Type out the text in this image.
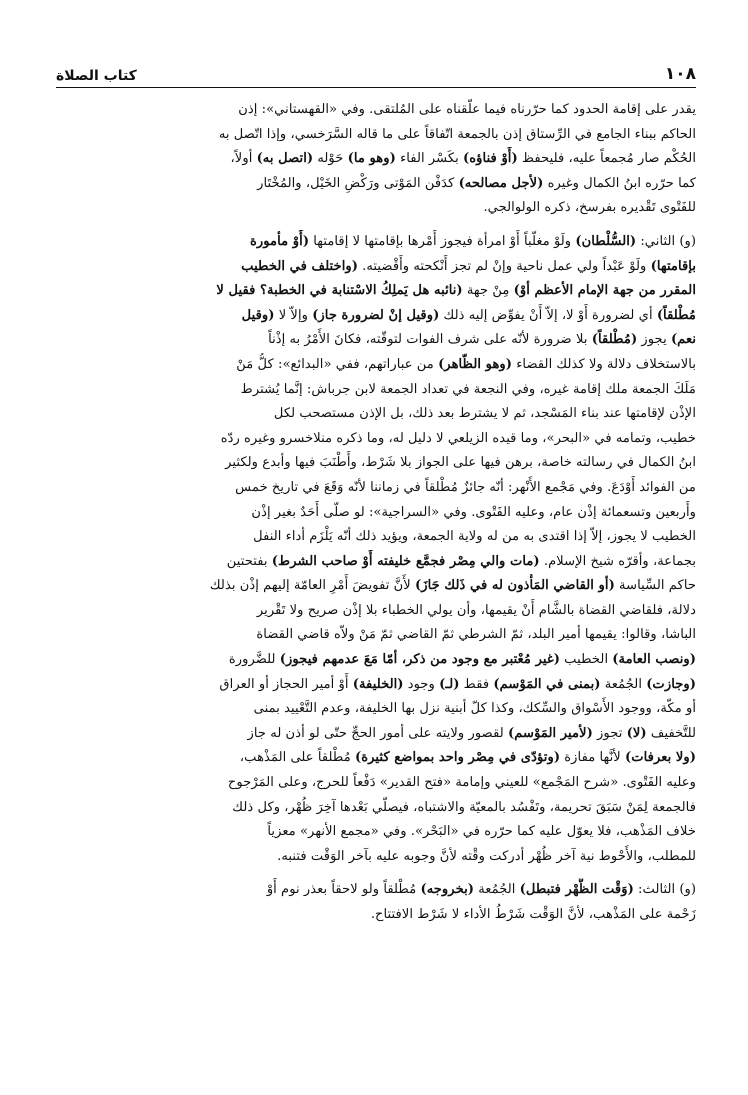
١٠٨
كتاب الصلاة

يقدر على إقامة الحدود كما حرّرناه فيما علّقناه على المُلتقى. وفي «القهستاني»: إذن
الحاكم ببناء الجامع في الرِّستاق إذن بالجمعة اتّفاقاً على ما قاله السَّرَخسي، وإذا اتّصل به
الحُكْم صار مُجمعاً عليه، فليحفظ (أَوْ فناؤه) بكَسْر الفاء (وهو ما) حَوْله (اتصل به) أولاً،
كما حرّره ابنُ الكمال وغيره (لأجل مصالحه) كدَفْن المَوْتى ورَكْضِ الخَيْل، والمُخْتَار
للفَتْوى تَقْديره بفرسخ، ذكره الولوالجي.

(و) الثاني: (السُّلْطان) ولَوْ مغلّباً أَوْ امرأة فيجوز أَمْرها بإقامتها لا إقامتها (أَوْ مأمورة
بإقامتها) ولَوْ عَبْداً ولي عمل ناحية وإنْ لم تجز أَنْكحته وأَقْضيته. (واختلف في الخطيب
المقرر من جهة الإمام الأعظم أوْ) مِنْ جهة (نائبه هل يَملِكُ الاسْتنابة في الخطبة؟ فقيل لا
مُطْلقاً) أي لضرورة أَوْ لا، إلاّ أَنْ يفوِّض إليه ذلك (وقيل إنْ لضرورة جاز) وإلاّ لا (وقيل
نعم) يجوز (مُطْلقاً) بلا ضرورة لأنّه على شرف الفوات لتوقّته، فكانَ الأَمْرُ به إذْناً
بالاستخلاف دلالة ولا كذلك القضاء (وهو الظّاهر) من عباراتهم، ففي «البدائع»: كلُّ مَنْ
مَلَكَ الجمعة ملك إقامة غيره، وفي النجعة في تعداد الجمعة لابن جرباش: إنَّما يُشترط
الإذْن لإقامتها عند بناء المَسْجد، ثم لا يشترط بعد ذلك، بل الإذن مستصحب لكل
خطيب، وتمامه في «البحر»، وما قيده الزيلعي لا دليل له، وما ذكره منلاخسرو وغيره ردّه
ابنُ الكمال في رسالته خاصة، برهن فيها على الجواز بلا شَرْط، وأَطْنَبَ فيها وأبدع ولكثير
من الفوائد أَوْدَعَ. وفي مَجْمع الأَنْهر: أنّه جائزٌ مُطْلقاً في زماننا لأنّه وَقَعَ في تاريخ خمس
وأَربعين وتسعمائة إذْن عام، وعليه الفَتْوى. وفي «السراجية»: لو صلّى أَحَدٌ بغير إذْن
الخطيب لا يجوز، إلاّ إذا اقتدى به من له ولاية الجمعة، ويؤيد ذلك أنّه يَلْزَم أداء النفل
بجماعة، وأقرّه شيخ الإسلام. (مات والي مِصْر فجمَّع خليفته أَوْ صاحب الشرط) بفتحتين
حاكم السِّياسة (أو القاضي المَأْذون له في ذَلك جَازَ) لأَنَّ تفويضَ أَمْرِ العامّة إليهم إذْن بذلك
دلالة، فلقاضي القضاة بالشَّام أَنْ يقيمها، وأن يولي الخطباء بلا إذْن صريح ولا تَقْرير
الباشا، وقالوا: يقيمها أمير البلد، ثمّ الشرطي ثمّ القاضي ثمّ مَنْ ولاّه قاضي القضاة
(ونصب العامة) الخطيب (غير مُعْتبر مع وجود من ذكر، أمّا مَعَ عدمهم فيجوز) للضَّرورة
(وجازت) الجُمُعة (بمنى في المَوْسم) فقط (لـ) وجود (الخليفة) أَوْ أمير الحجاز أو العراق
أو مكّة، ووجود الأَسْواق والسِّكك، وكذا كلّ أبنية نزل بها الخليفة، وعدم التَّعْييد بمنى
للتَّخفيف (لا) تجوز (لأمير المَوْسم) لقصور ولايته على أمور الحجِّ حتّى لو أذن له جاز
(ولا بعرفات) لأنَّها مفازة (وتؤدّى في مِصْر واحد بمواضع كثيرة) مُطْلقاً على المَذْهب،
وعليه الفَتْوى. «شرح المَجْمع» للعيني وإمامة «فتح القدير» دَفْعاً للحرج، وعلى المَرْجوح
فالجمعة لِمَنْ سَبَقَ تحريمة، وتَفْسُد بالمعيّة والاشتباه، فيصلّي بَعْدها آخِرَ ظُهْر، وكل ذلك
خلاف المَذْهب، فلا يعوّل عليه كما حرّره في «البَحْر». وفي «مجمع الأنهر» معزياً
للمطلب، والأَحْوط نية آخر ظُهْر أدركت وقْته لأنَّ وجوبه عليه بآخر الوَقْت فتنبه.

(و) الثالث: (وَقْت الظُّهْر فتبطل) الجُمُعة (بخروجه) مُطْلقاً ولو لاحقاً بعذر نوم أَوْ
زَحْمة على المَذْهب، لأنَّ الوَقْت شَرْطُ الأداء لا شَرْط الافتتاح.
